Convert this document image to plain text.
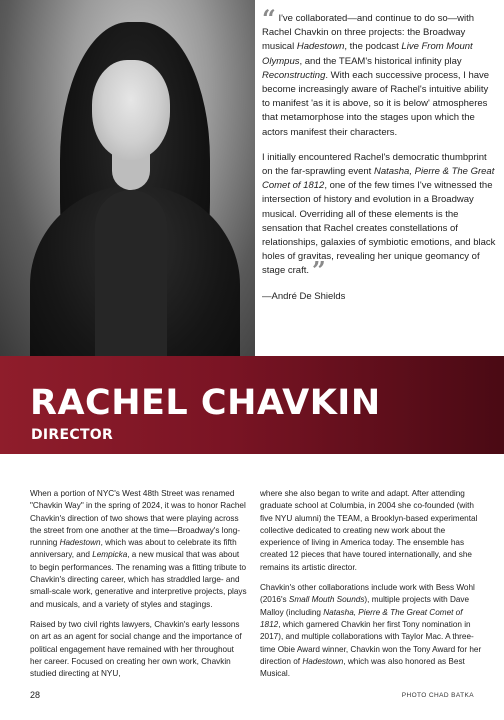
“ I've collaborated—and continue to do so—with Rachel Chavkin on three projects: the Broadway musical Hadestown, the podcast Live From Mount Olympus, and the TEAM's historical infinity play Reconstructing. With each successive process, I have become increasingly aware of Rachel's intuitive ability to manifest 'as it is above, so it is below' atmospheres that metamorphose into the stages upon which the actors manifest their characters.

I initially encountered Rachel's democratic thumbprint on the far-sprawling event Natasha, Pierre & The Great Comet of 1812, one of the few times I've witnessed the intersection of history and evolution in a Broadway musical. Overriding all of these elements is the sensation that Rachel creates constellations of relationships, galaxies of symbiotic emotions, and black holes of gravitas, revealing her unique geomancy of stage craft. ”

—André De Shields

RACHEL CHAVKIN
DIRECTOR

When a portion of NYC's West 48th Street was renamed "Chavkin Way" in the spring of 2024, it was to honor Rachel Chavkin's direction of two shows that were playing across the street from one another at the time—Broadway's long-running Hadestown, which was about to celebrate its fifth anniversary, and Lempicka, a new musical that was about to begin performances. The renaming was a fitting tribute to Chavkin's directing career, which has straddled large- and small-scale work, generative and interpretive projects, plays and musicals, and a variety of styles and stagings.

Raised by two civil rights lawyers, Chavkin's early lessons on art as an agent for social change and the importance of political engagement have remained with her throughout her career. Focused on creating her own work, Chavkin studied directing at NYU,

where she also began to write and adapt. After attending graduate school at Columbia, in 2004 she co-founded (with five NYU alumni) the TEAM, a Brooklyn-based experimental collective dedicated to creating new work about the experience of living in America today. The ensemble has created 12 pieces that have toured internationally, and she remains its artistic director.

Chavkin's other collaborations include work with Bess Wohl (2016's Small Mouth Sounds), multiple projects with Dave Malloy (including Natasha, Pierre & The Great Comet of 1812, which garnered Chavkin her first Tony nomination in 2017), and multiple collaborations with Taylor Mac. A three-time Obie Award winner, Chavkin won the Tony Award for her direction of Hadestown, which was also honored as Best Musical.

28	PHOTO CHAD BATKA
